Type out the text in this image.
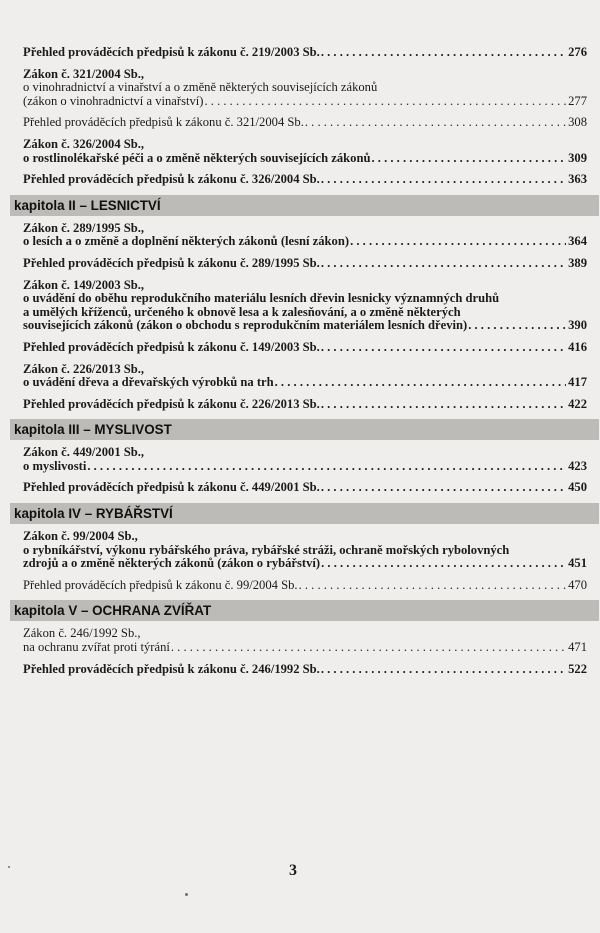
Přehled prováděcích předpisů k zákonu č. 219/2003 Sb. . . .	276
Zákon č. 321/2004 Sb.,
o vinohradnictví a vinařství a o změně některých souvisejících zákonů
(zákon o vinohradnictví a vinařství) . . .	277
Přehled prováděcích předpisů k zákonu č. 321/2004 Sb. . . .	308
Zákon č. 326/2004 Sb.,
o rostlinolékařské péči a o změně některých souvisejících zákonů . . .	309
Přehled prováděcích předpisů k zákonu č. 326/2004 Sb. . . .	363
kapitola II – LESNICTVÍ
Zákon č. 289/1995 Sb.,
o lesích a o změně a doplnění některých zákonů (lesní zákon) . . .	364
Přehled prováděcích předpisů k zákonu č. 289/1995 Sb. . . .	389
Zákon č. 149/2003 Sb.,
o uvádění do oběhu reprodukčního materiálu lesních dřevin lesnicky významných druhů
a umělých kříženců, určeného k obnově lesa a k zalesňování, a o změně některých
souvisejících zákonů (zákon o obchodu s reprodukčním materiálem lesních dřevin) . . .	390
Přehled prováděcích předpisů k zákonu č. 149/2003 Sb. . . .	416
Zákon č. 226/2013 Sb.,
o uvádění dřeva a dřevařských výrobků na trh . . .	417
Přehled prováděcích předpisů k zákonu č. 226/2013 Sb. . . .	422
kapitola III – MYSLIVOST
Zákon č. 449/2001 Sb.,
o myslivosti . . .	423
Přehled prováděcích předpisů k zákonu č. 449/2001 Sb. . . .	450
kapitola IV – RYBÁŘSTVÍ
Zákon č. 99/2004 Sb.,
o rybníkářství, výkonu rybářského práva, rybářské stráži, ochraně mořských rybolovných
zdrojů a o změně některých zákonů (zákon o rybářství) . . .	451
Přehled prováděcích předpisů k zákonu č. 99/2004 Sb. . . .	470
kapitola V – OCHRANA ZVÍŘAT
Zákon č. 246/1992 Sb.,
na ochranu zvířat proti týrání . . .	471
Přehled prováděcích předpisů k zákonu č. 246/1992 Sb. . . .	522
3
